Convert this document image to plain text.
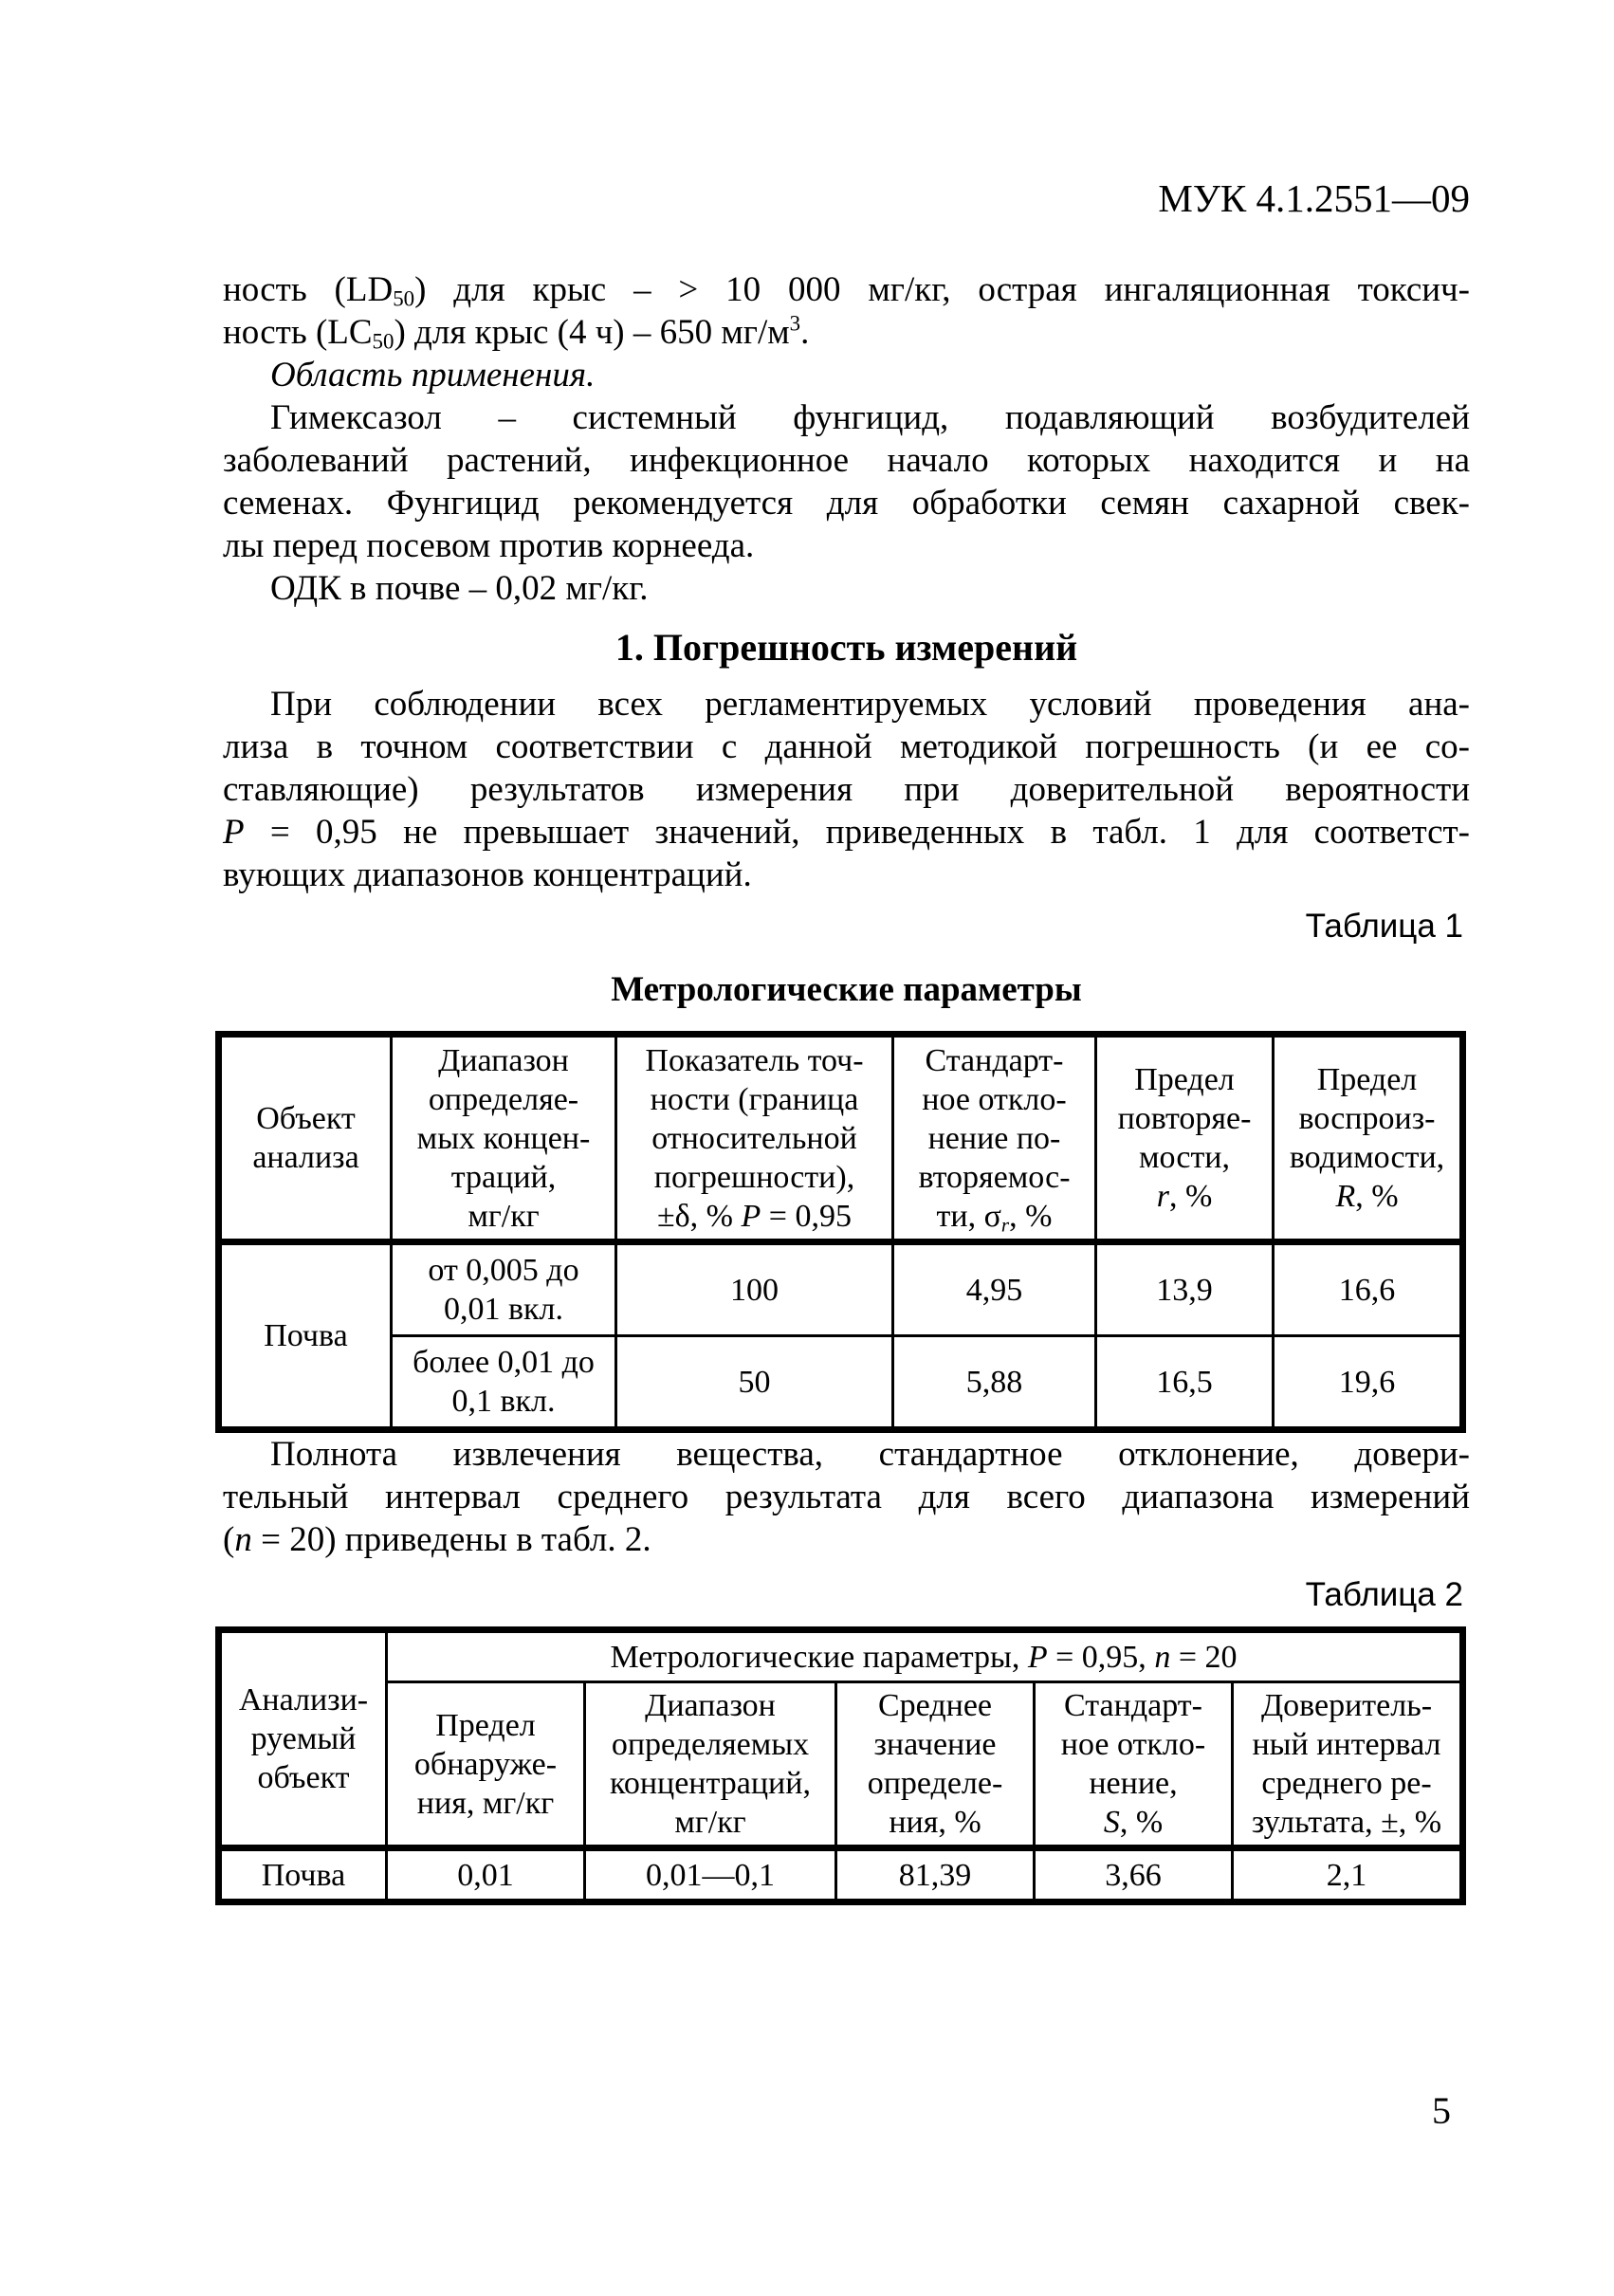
МУК 4.1.2551—09
ность $(LD_{50})$ для крыс – > 10 000 мг/кг, острая ингаляционная токсич-
ность $(LC_{50})$ для крыс (4 ч) – 650 $мг/м^3$.
Область применения.
Гимексазол – системный фунгицид, подавляющий возбудителей
заболеваний растений, инфекционное начало которых находится и на
семенах. Фунгицид рекомендуется для обработки семян сахарной свек-
лы перед посевом против корнееда.
ОДК в почве – 0,02 мг/кг.
1. Погрешность измерений
При соблюдении всех регламентируемых условий проведения ана-
лиза в точном соответствии с данной методикой погрешность (и ее со-
ставляющие) результатов измерения при доверительной вероятности
P = 0,95 не превышает значений, приведенных в табл. 1 для соответст-
вующих диапазонов концентраций.
Таблица 1
Метрологические параметры
Объект
анализа	Диапазон
определяе-
мых концен-
траций,
мг/кг	Показатель точ-
ности (граница
относительной
погрешности),
±δ, % P = 0,95	Стандарт-
ное откло-
нение по-
вторяемос-
ти, $\sigma_r$, %	Предел
повторяе-
мости,
r, %	Предел
воспроиз-
водимости,
R, %
Почва	от 0,005 до
0,01 вкл.	100	4,95	13,9	16,6
	более 0,01 до
0,1 вкл.	50	5,88	16,5	19,6
Полнота извлечения вещества, стандартное отклонение, довери-
тельный интервал среднего результата для всего диапазона измерений
(n = 20) приведены в табл. 2.
Таблица 2
Анализи-
руемый
объект	Метрологические параметры, P = 0,95, n = 20				
	Предел
обнаруже-
ния, мг/кг	Диапазон
определяемых
концентраций,
мг/кг	Среднее
значение
определе-
ния, %	Стандарт-
ное откло-
нение,
S, %	Доверитель-
ный интервал
среднего ре-
зультата, ±, %
Почва	0,01	0,01—0,1	81,39	3,66	2,1
5
